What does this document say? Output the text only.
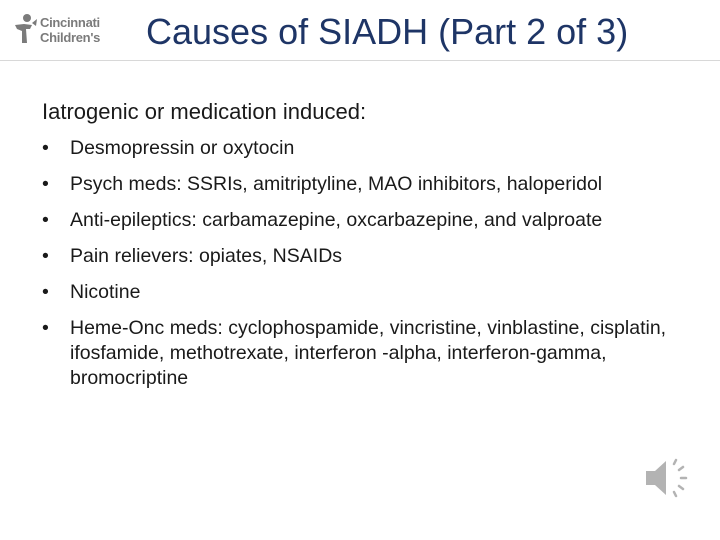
Cincinnati
Children's Causes of SIADH (Part 2 of 3)

Iatrogenic or medication induced:

• Desmopressin or oxytocin
• Psych meds: SSRIs, amitriptyline, MAO inhibitors, haloperidol
• Anti-epileptics: carbamazepine, oxcarbazepine, and valproate
• Pain relievers: opiates, NSAIDs
• Nicotine
• Heme-Onc meds: cyclophospamide, vincristine, vinblastine, cisplatin, ifosfamide, methotrexate, interferon -alpha, interferon-gamma, bromocriptine
